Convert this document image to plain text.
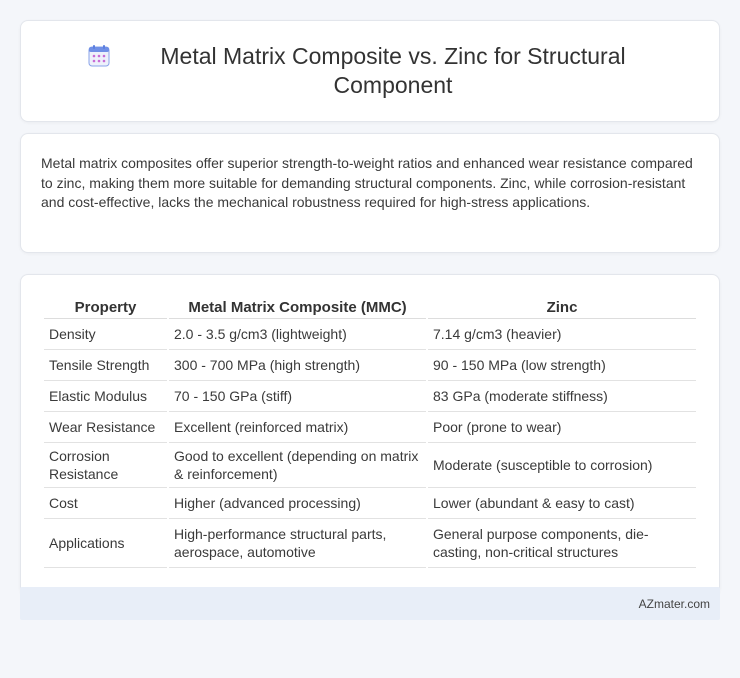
Metal Matrix Composite vs. Zinc for Structural Component

Metal matrix composites offer superior strength-to-weight ratios and enhanced wear resistance compared to zinc, making them more suitable for demanding structural components. Zinc, while corrosion-resistant and cost-effective, lacks the mechanical robustness required for high-stress applications.

Property	Metal Matrix Composite (MMC)	Zinc
Density	2.0 - 3.5 g/cm3 (lightweight)	7.14 g/cm3 (heavier)
Tensile Strength	300 - 700 MPa (high strength)	90 - 150 MPa (low strength)
Elastic Modulus	70 - 150 GPa (stiff)	83 GPa (moderate stiffness)
Wear Resistance	Excellent (reinforced matrix)	Poor (prone to wear)
Corrosion Resistance	Good to excellent (depending on matrix & reinforcement)	Moderate (susceptible to corrosion)
Cost	Higher (advanced processing)	Lower (abundant & easy to cast)
Applications	High-performance structural parts, aerospace, automotive	General purpose components, die-casting, non-critical structures
AZmater.com
